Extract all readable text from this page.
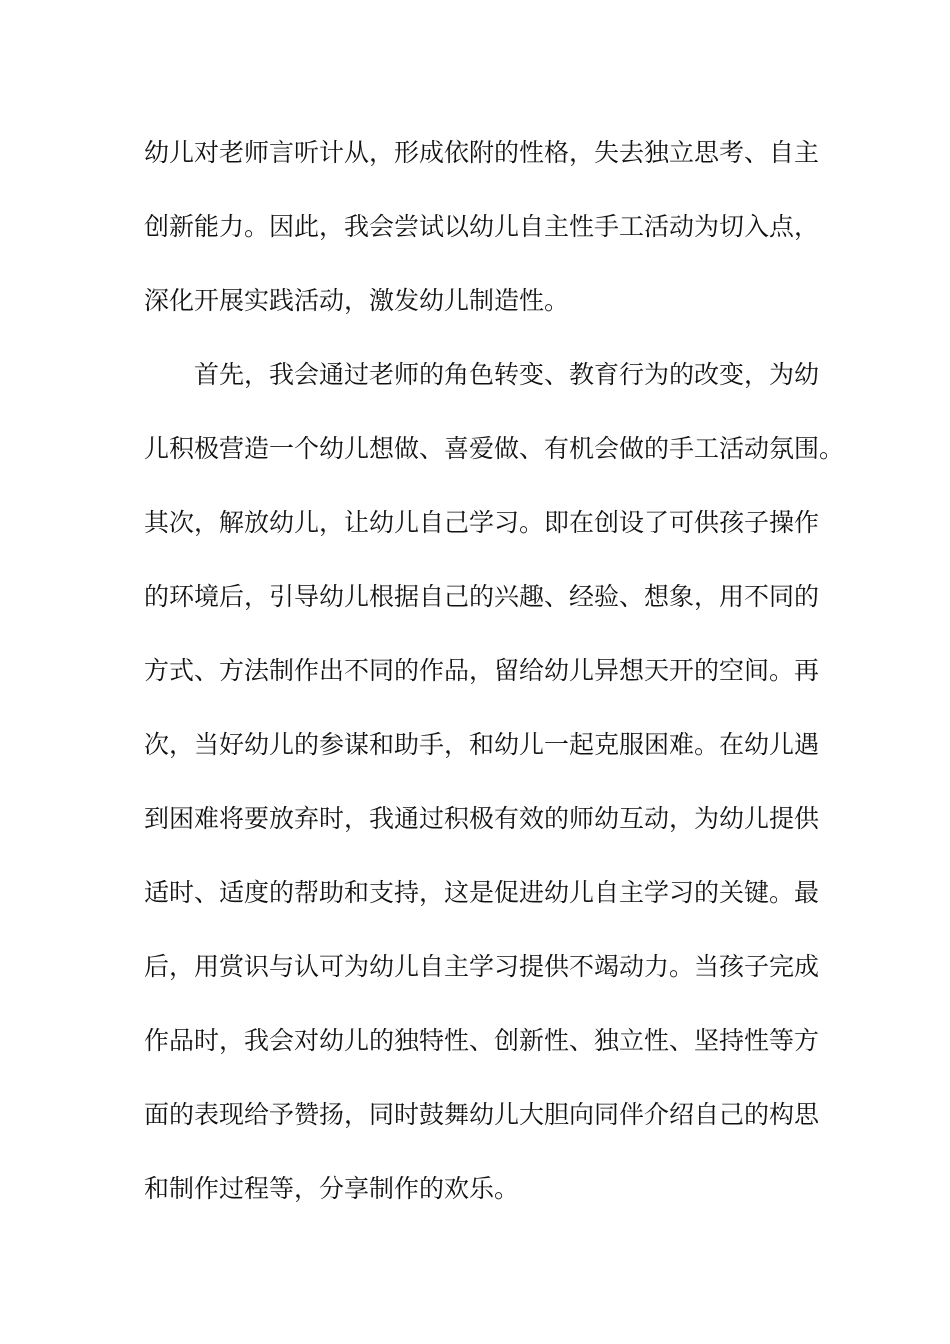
幼儿对老师言听计从，形成依附的性格，失去独立思考、自主
创新能力。因此，我会尝试以幼儿自主性手工活动为切入点，
深化开展实践活动，激发幼儿制造性。
首先，我会通过老师的角色转变、教育行为的改变，为幼
儿积极营造一个幼儿想做、喜爱做、有机会做的手工活动氛围。
其次，解放幼儿，让幼儿自己学习。即在创设了可供孩子操作
的环境后，引导幼儿根据自己的兴趣、经验、想象，用不同的
方式、方法制作出不同的作品，留给幼儿异想天开的空间。再
次，当好幼儿的参谋和助手，和幼儿一起克服困难。在幼儿遇
到困难将要放弃时，我通过积极有效的师幼互动，为幼儿提供
适时、适度的帮助和支持，这是促进幼儿自主学习的关键。最
后，用赏识与认可为幼儿自主学习提供不竭动力。当孩子完成
作品时，我会对幼儿的独特性、创新性、独立性、坚持性等方
面的表现给予赞扬，同时鼓舞幼儿大胆向同伴介绍自己的构思
和制作过程等，分享制作的欢乐。
